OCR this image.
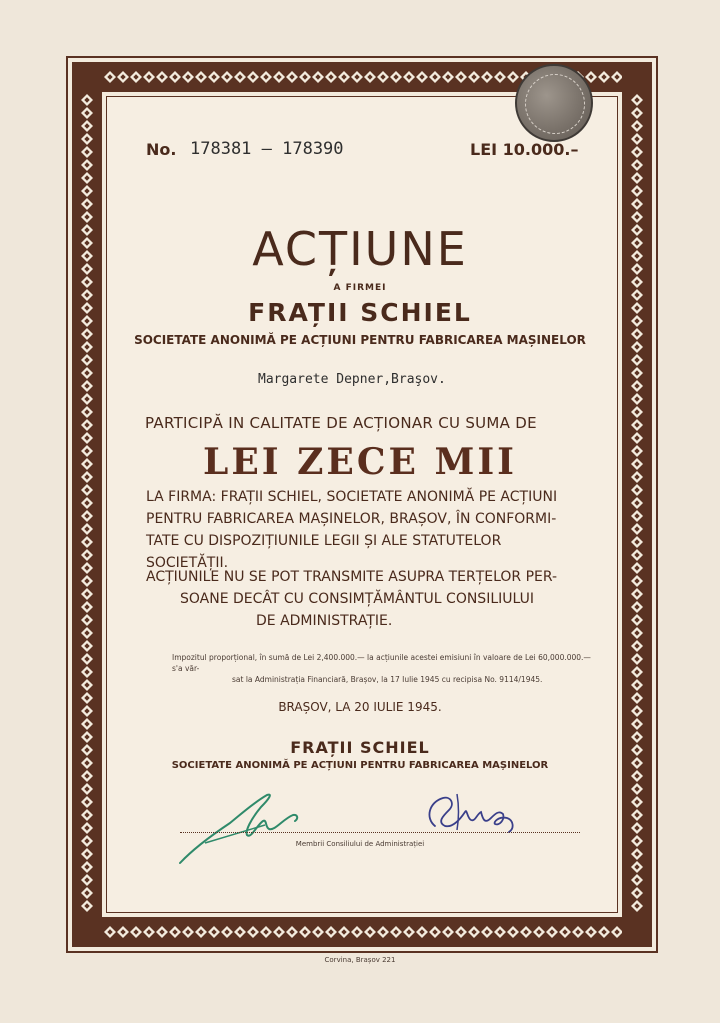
No. 178381 — 178390	LEI 10.000.–
ACȚIUNE
A FIRMEI
FRAȚII SCHIEL
SOCIETATE ANONIMĂ PE ACȚIUNI PENTRU FABRICAREA MAȘINELOR
Margarete Depner,Braşov.
PARTICIPĂ IN CALITATE DE ACȚIONAR CU SUMA DE
LEI ZECE MII
LA FIRMA: FRAȚII SCHIEL, SOCIETATE ANONIMĂ PE ACȚIUNI
PENTRU FABRICAREA MAȘINELOR, BRAȘOV, ÎN CONFORMI-
TATE CU DISPOZIȚIUNILE LEGII ȘI ALE STATUTELOR SOCIETĂȚII.
ACȚIUNILE NU SE POT TRANSMITE ASUPRA TERȚELOR PER-
SOANE DECÂT CU CONSIMȚĂMÂNTUL CONSILIULUI
DE ADMINISTRAȚIE.
Impozitul proporțional, în sumă de Lei 2,400.000.— la acțiunile acestei emisiuni în valoare de Lei 60,000.000.— s'a văr-
sat la Administrația Financiară, Brașov, la 17 Iulie 1945 cu recipisa No. 9114/1945.
BRAȘOV, LA 20 IULIE 1945.
FRAȚII SCHIEL
SOCIETATE ANONIMĂ PE ACȚIUNI PENTRU FABRICAREA MAȘINELOR
Membrii Consiliului de Administrației
Corvina, Brașov 221
